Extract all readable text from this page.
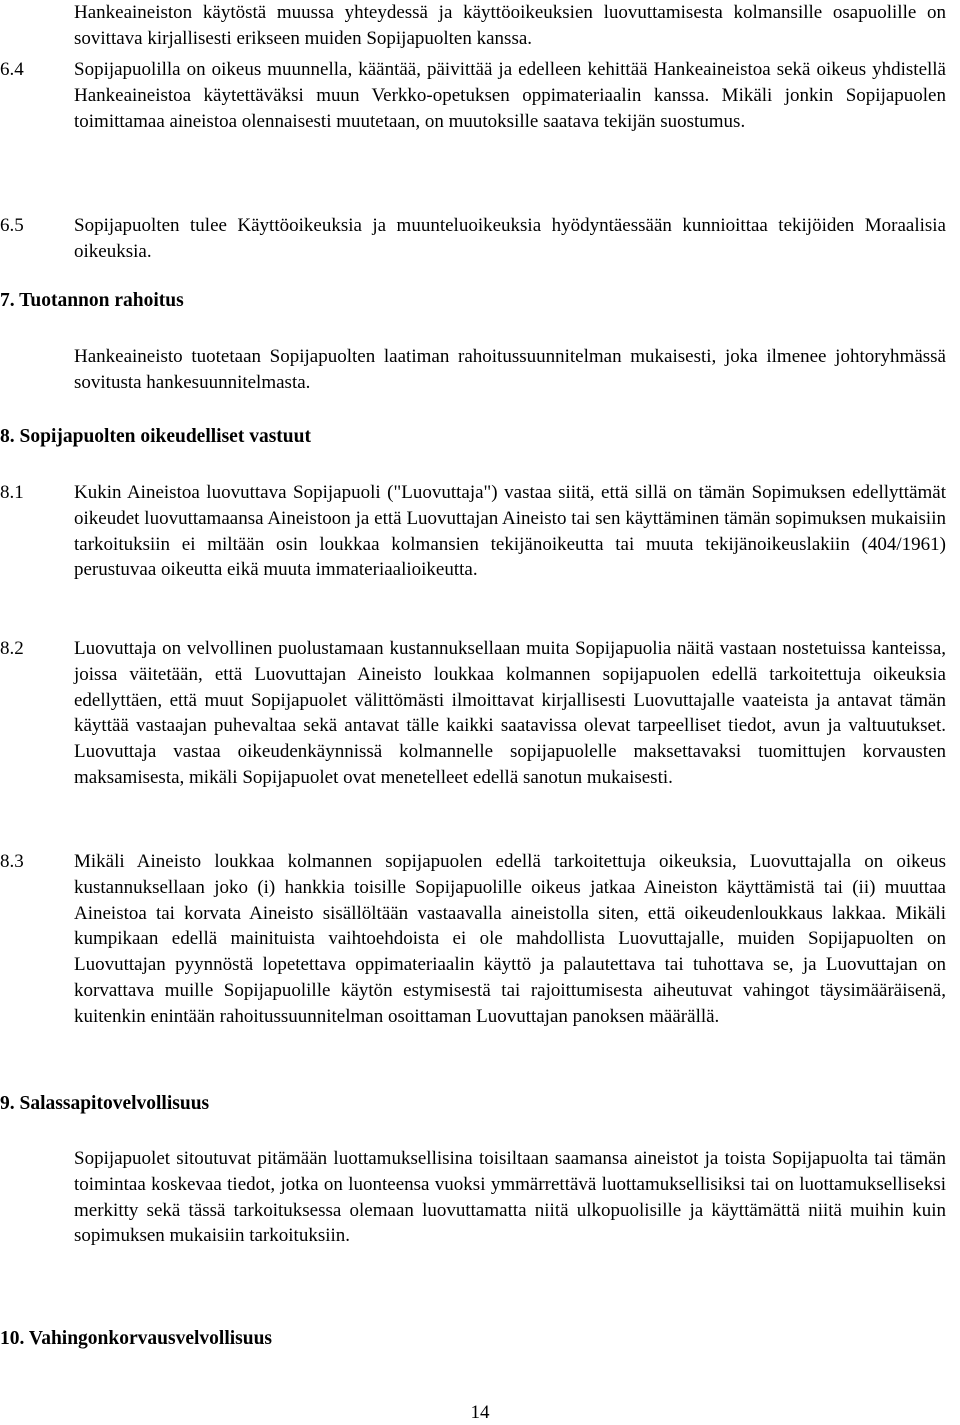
Hankeaineiston käytöstä muussa yhteydessä ja käyttöoikeuksien luovuttamisesta kolmansille osapuolille on sovittava kirjallisesti erikseen muiden Sopijapuolten kanssa.

6.4	Sopijapuolilla on oikeus muunnella, kääntää, päivittää ja edelleen kehittää Hankeaineistoa sekä oikeus yhdistellä Hankeaineistoa käytettäväksi muun Verkko-opetuksen oppimateriaalin kanssa. Mikäli jonkin Sopijapuolen toimittamaa aineistoa olennaisesti muutetaan, on muutoksille saatava tekijän suostumus.

6.5	Sopijapuolten tulee Käyttöoikeuksia ja muunteluoikeuksia hyödyntäessään kunnioittaa tekijöiden Moraalisia oikeuksia.

7. Tuotannon rahoitus

Hankeaineisto tuotetaan Sopijapuolten laatiman rahoitussuunnitelman mukaisesti, joka ilmenee johtoryhmässä sovitusta hankesuunnitelmasta.

8. Sopijapuolten oikeudelliset vastuut
8.1	Kukin Aineistoa luovuttava Sopijapuoli ("Luovuttaja") vastaa siitä, että sillä on tämän Sopimuksen edellyttämät oikeudet luovuttamaansa Aineistoon ja että Luovuttajan Aineisto tai sen käyttäminen tämän sopimuksen mukaisiin tarkoituksiin ei miltään osin loukkaa kolmansien tekijänoikeutta tai muuta tekijänoikeuslakiin (404/1961) perustuvaa oikeutta eikä muuta immateriaalioikeutta.

8.2	Luovuttaja on velvollinen puolustamaan kustannuksellaan muita Sopijapuolia näitä vastaan nostetuissa kanteissa, joissa väitetään, että Luovuttajan Aineisto loukkaa kolmannen sopijapuolen edellä tarkoitettuja oikeuksia edellyttäen, että muut Sopijapuolet välittömästi ilmoittavat kirjallisesti Luovuttajalle vaateista ja antavat tämän käyttää vastaajan puhevaltaa sekä antavat tälle kaikki saatavissa olevat tarpeelliset tiedot, avun ja valtuutukset. Luovuttaja vastaa oikeudenkäynnissä kolmannelle sopijapuolelle maksettavaksi tuomittujen korvausten maksamisesta, mikäli Sopijapuolet ovat menetelleet edellä sanotun mukaisesti.

8.3	Mikäli Aineisto loukkaa kolmannen sopijapuolen edellä tarkoitettuja oikeuksia, Luovuttajalla on oikeus kustannuksellaan joko (i) hankkia toisille Sopijapuolille oikeus jatkaa Aineiston käyttämistä tai (ii) muuttaa Aineistoa tai korvata Aineisto sisällöltään vastaavalla aineistolla siten, että oikeudenloukkaus lakkaa. Mikäli kumpikaan edellä mainituista vaihtoehdoista ei ole mahdollista Luovuttajalle, muiden Sopijapuolten on Luovuttajan pyynnöstä lopetettava oppimateriaalin käyttö ja palautettava tai tuhottava se, ja Luovuttajan on korvattava muille Sopijapuolille käytön estymisestä tai rajoittumisesta aiheutuvat vahingot täysimääräisenä, kuitenkin enintään rahoitussuunnitelman osoittaman Luovuttajan panoksen määrällä.

9. Salassapitovelvollisuus

Sopijapuolet sitoutuvat pitämään luottamuksellisina toisiltaan saamansa aineistot ja toista Sopijapuolta tai tämän toimintaa koskevaa tiedot, jotka on luonteensa vuoksi ymmärrettävä luottamuksellisiksi tai on luottamukselliseksi merkitty sekä tässä tarkoituksessa olemaan luovuttamatta niitä ulkopuolisille ja käyttämättä niitä muihin kuin sopimuksen mukaisiin tarkoituksiin.

10. Vahingonkorvausvelvollisuus
14
